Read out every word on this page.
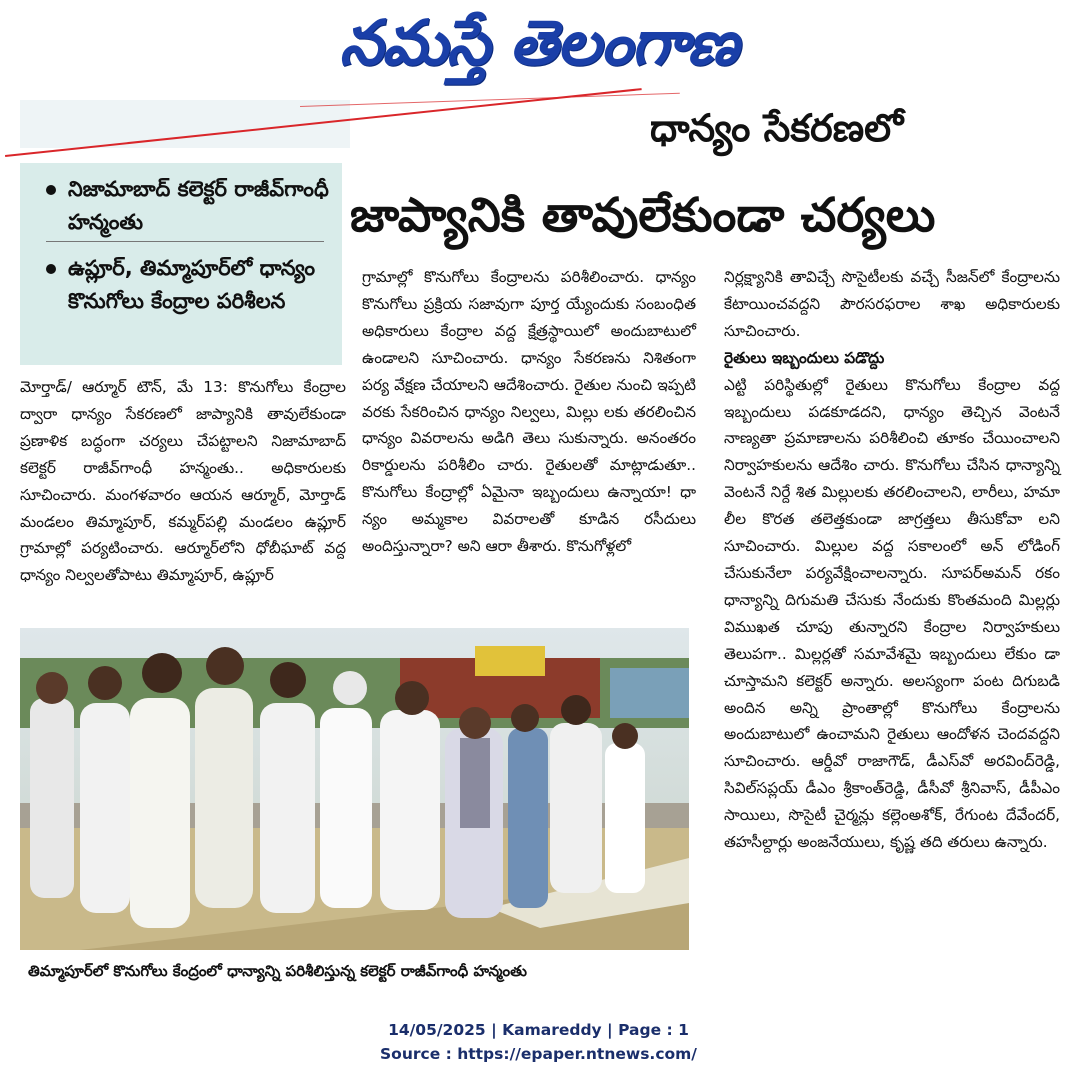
నమస్తే తెలంగాణ
ధాన్యం సేకరణలో
జాప్యానికి తావులేకుండా చర్యలు
నిజామాబాద్ కలెక్టర్ రాజీవ్‌గాంధీ హన్మంతు
ఉప్లూర్, తిమ్మాపూర్‌లో ధాన్యం కొనుగోలు కేంద్రాల పరిశీలన

మోర్తాడ్/ ఆర్మూర్ టౌన్, మే 13: కొనుగోలు కేంద్రాల ద్వారా ధాన్యం సేకరణలో జాప్యానికి తావులేకుండా ప్రణాళిక బద్ధంగా చర్యలు చేపట్టాలని నిజామాబాద్ కలెక్టర్ రాజీవ్‌గాంధీ హన్మంతు.. అధికారులకు సూచించారు. మంగళవారం ఆయన ఆర్మూర్, మోర్తాడ్ మండలం తిమ్మాపూర్, కమ్మర్‌పల్లి మండలం ఉప్లూర్ గ్రామాల్లో పర్యటించారు. ఆర్మూర్‌లోని ధోబీఘాట్ వద్ద ధాన్యం నిల్వలతోపాటు తిమ్మాపూర్, ఉప్లూర్

గ్రామాల్లో కొనుగోలు కేంద్రాలను పరిశీలించారు. ధాన్యం కొనుగోలు ప్రక్రియ సజావుగా పూర్త య్యేందుకు సంబంధిత అధికారులు కేంద్రాల వద్ద క్షేత్రస్థాయిలో అందుబాటులో ఉండాలని సూచించారు. ధాన్యం సేకరణను నిశితంగా పర్య వేక్షణ చేయాలని ఆదేశించారు. రైతుల నుంచి ఇప్పటి వరకు సేకరించిన ధాన్యం నిల్వలు, మిల్లు లకు తరలించిన ధాన్యం వివరాలను అడిగి తెలు సుకున్నారు. అనంతరం రికార్డులను పరిశీలిం చారు. రైతులతో మాట్లాడుతూ.. కొనుగోలు కేంద్రాల్లో ఏమైనా ఇబ్బందులు ఉన్నాయా! ధా న్యం అమ్మకాల వివరాలతో కూడిన రసీదులు అందిస్తున్నారా? అని ఆరా తీశారు. కొనుగోళ్లలో

నిర్లక్ష్యానికి తావిచ్చే సొసైటీలకు వచ్చే సీజన్‌లో కేంద్రాలను కేటాయించవద్దని పౌరసరఫరాల శాఖ అధికారులకు సూచించారు.

రైతులు ఇబ్బందులు పడొద్దు

ఎట్టి పరిస్థితుల్లో రైతులు కొనుగోలు కేంద్రాల వద్ద ఇబ్బందులు పడకూడదని, ధాన్యం తెచ్చిన వెంటనే నాణ్యతా ప్రమాణాలను పరిశీలించి తూకం చేయించాలని నిర్వాహకులను ఆదేశిం చారు. కొనుగోలు చేసిన ధాన్యాన్ని వెంటనే నిర్దే శిత మిల్లులకు తరలించాలని, లారీలు, హమా లీల కొరత తలెత్తకుండా జాగ్రత్తలు తీసుకోవా లని సూచించారు. మిల్లుల వద్ద సకాలంలో అన్ లోడింగ్ చేసుకునేలా పర్యవేక్షించాలన్నారు. సూపర్‌అమన్ రకం ధాన్యాన్ని దిగుమతి చేసుకు నేందుకు కొంతమంది మిల్లర్లు విముఖత చూపు తున్నారని కేంద్రాల నిర్వాహకులు తెలుపగా.. మిల్లర్లతో సమావేశమై ఇబ్బందులు లేకుం డా చూస్తామని కలెక్టర్ అన్నారు. అలస్యంగా పంట దిగుబడి అందిన అన్ని ప్రాంతాల్లో కొనుగోలు కేంద్రాలను అందుబాటులో ఉంచామని రైతులు ఆందోళన చెందవద్దని సూచించారు. ఆర్డీవో రాజాగౌడ్, డీఎస్‌వో అరవింద్‌రెడ్డి, సివిల్‌సప్లయ్ డీఎం శ్రీకాంత్‌రెడ్డి, డీసీవో శ్రీనివాస్, డీపీఎం సాయిలు, సొసైటీ చైర్మన్లు కల్లెంఅశోక్, రేగుంట దేవేందర్, తహసీల్దార్లు అంజనేయులు, కృష్ణ తది తరులు ఉన్నారు.

తిమ్మాపూర్‌లో కొనుగోలు కేంద్రంలో ధాన్యాన్ని పరిశీలిస్తున్న కలెక్టర్ రాజీవ్‌గాంధీ హన్మంతు
14/05/2025 | Kamareddy | Page : 1
Source : https://epaper.ntnews.com/
